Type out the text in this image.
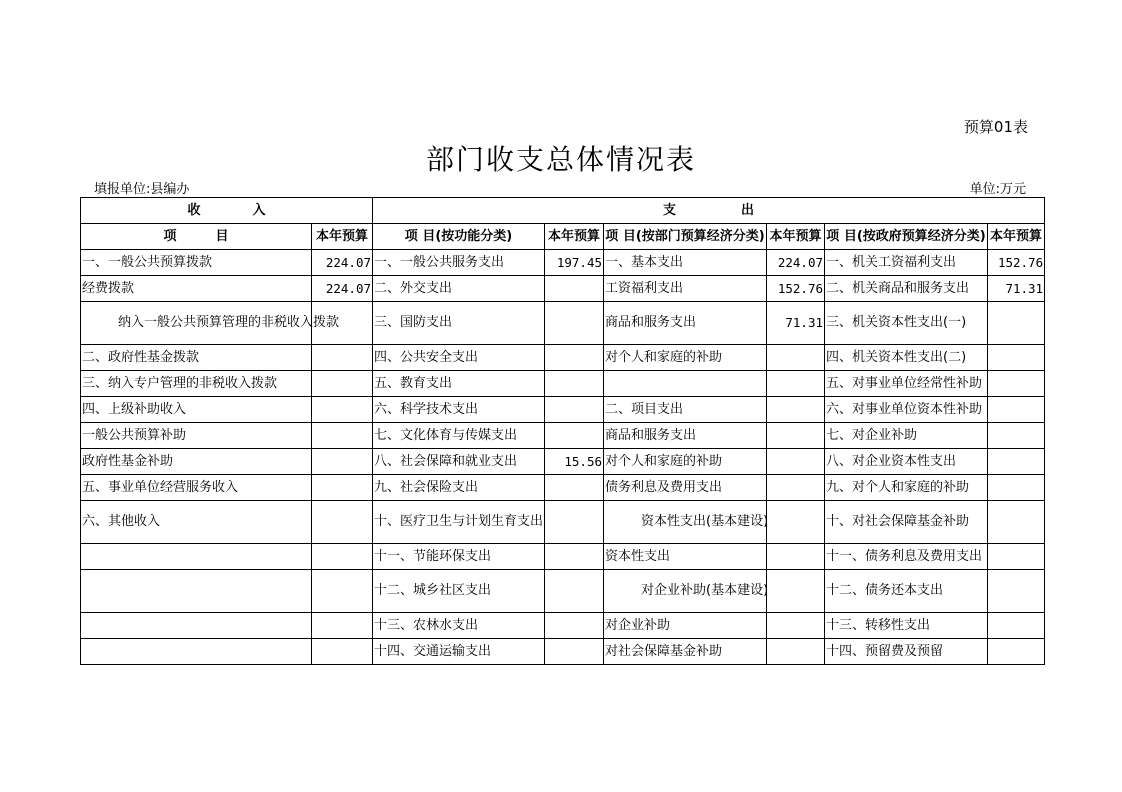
预算01表
部门收支总体情况表
填报单位:县编办	单位:万元
收　　　　入		支　　　　　出					
项　　　目	本年预算	项 目(按功能分类)	本年预算	项 目(按部门预算经济分类)	本年预算	项 目(按政府预算经济分类)	本年预算
一、一般公共预算拨款	224.07	一、一般公共服务支出	197.45	一、基本支出	224.07	一、机关工资福利支出	152.76
经费拨款	224.07	二、外交支出		工资福利支出	152.76	二、机关商品和服务支出	71.31

纳入一般公共预算管理的非税收入拨款		三、国防支出		商品和服务支出	71.31	三、机关资本性支出(一)	
二、政府性基金拨款		四、公共安全支出		对个人和家庭的补助		四、机关资本性支出(二)	
三、纳入专户管理的非税收入拨款		五、教育支出				五、对事业单位经常性补助	
四、上级补助收入		六、科学技术支出		二、项目支出		六、对事业单位资本性补助	
一般公共预算补助		七、文化体育与传媒支出		商品和服务支出		七、对企业补助	
政府性基金补助		八、社会保障和就业支出	15.56	对个人和家庭的补助		八、对企业资本性支出	
五、事业单位经营服务收入		九、社会保险支出		债务利息及费用支出		九、对个人和家庭的补助	
六、其他收入		十、医疗卫生与计划生育支出		资本性支出(基本建设)		十、对社会保障基金补助	
		十一、节能环保支出		资本性支出		十一、债务利息及费用支出	
		十二、城乡社区支出		对企业补助(基本建设)		十二、债务还本支出	
		十三、农林水支出		对企业补助		十三、转移性支出	
		十四、交通运输支出		对社会保障基金补助		十四、预留费及预留	
